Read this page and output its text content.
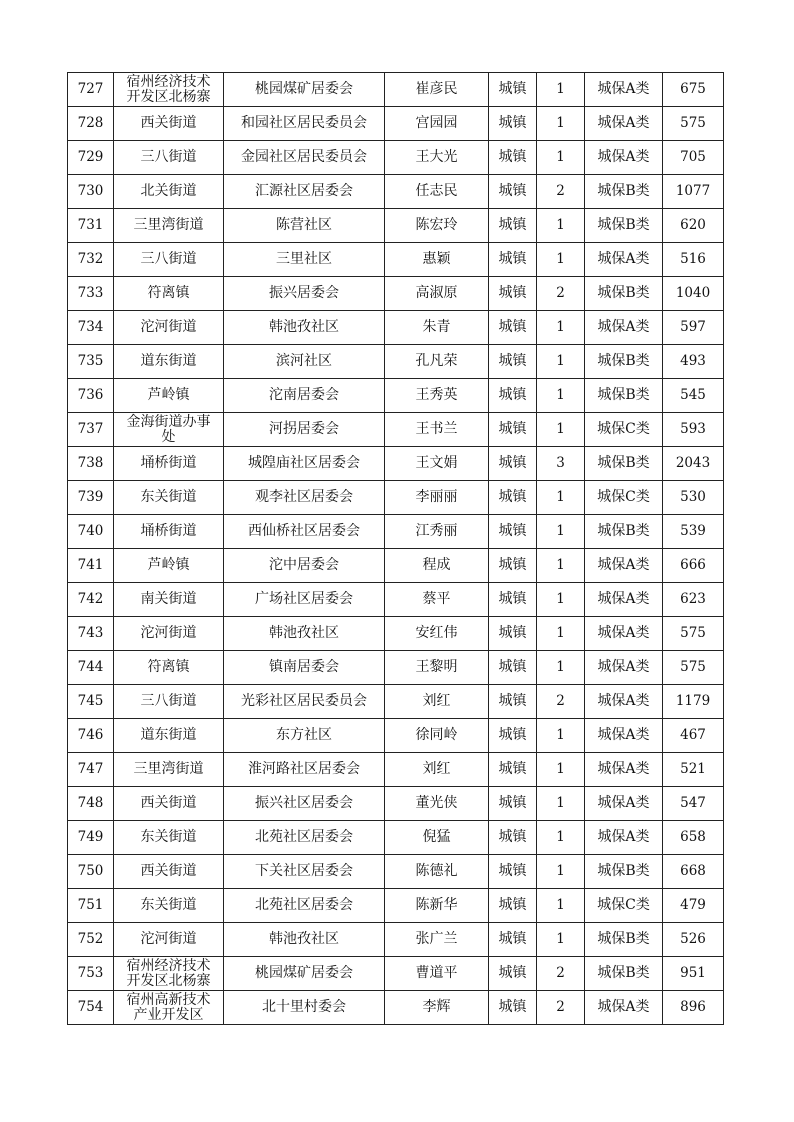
727	宿州经济技术开发区北杨寨	桃园煤矿居委会	崔彦民	城镇	1	城保A类	675
728	西关街道	和园社区居民委员会	宫园园	城镇	1	城保A类	575
729	三八街道	金园社区居民委员会	王大光	城镇	1	城保A类	705
730	北关街道	汇源社区居委会	任志民	城镇	2	城保B类	1077
731	三里湾街道	陈营社区	陈宏玲	城镇	1	城保B类	620
732	三八街道	三里社区	惠颖	城镇	1	城保A类	516
733	符离镇	振兴居委会	高淑原	城镇	2	城保B类	1040
734	沱河街道	韩池孜社区	朱青	城镇	1	城保A类	597
735	道东街道	滨河社区	孔凡荣	城镇	1	城保B类	493
736	芦岭镇	沱南居委会	王秀英	城镇	1	城保B类	545
737	金海街道办事处	河拐居委会	王书兰	城镇	1	城保C类	593
738	埇桥街道	城隍庙社区居委会	王文娟	城镇	3	城保B类	2043
739	东关街道	观李社区居委会	李丽丽	城镇	1	城保C类	530
740	埇桥街道	西仙桥社区居委会	江秀丽	城镇	1	城保B类	539
741	芦岭镇	沱中居委会	程成	城镇	1	城保A类	666
742	南关街道	广场社区居委会	蔡平	城镇	1	城保A类	623
743	沱河街道	韩池孜社区	安红伟	城镇	1	城保A类	575
744	符离镇	镇南居委会	王黎明	城镇	1	城保A类	575
745	三八街道	光彩社区居民委员会	刘红	城镇	2	城保A类	1179
746	道东街道	东方社区	徐同岭	城镇	1	城保A类	467
747	三里湾街道	淮河路社区居委会	刘红	城镇	1	城保A类	521
748	西关街道	振兴社区居委会	董光侠	城镇	1	城保A类	547
749	东关街道	北苑社区居委会	倪猛	城镇	1	城保A类	658
750	西关街道	下关社区居委会	陈德礼	城镇	1	城保B类	668
751	东关街道	北苑社区居委会	陈新华	城镇	1	城保C类	479
752	沱河街道	韩池孜社区	张广兰	城镇	1	城保B类	526
753	宿州经济技术开发区北杨寨	桃园煤矿居委会	曹道平	城镇	2	城保B类	951
754	宿州高新技术产业开发区	北十里村委会	李辉	城镇	2	城保A类	896
